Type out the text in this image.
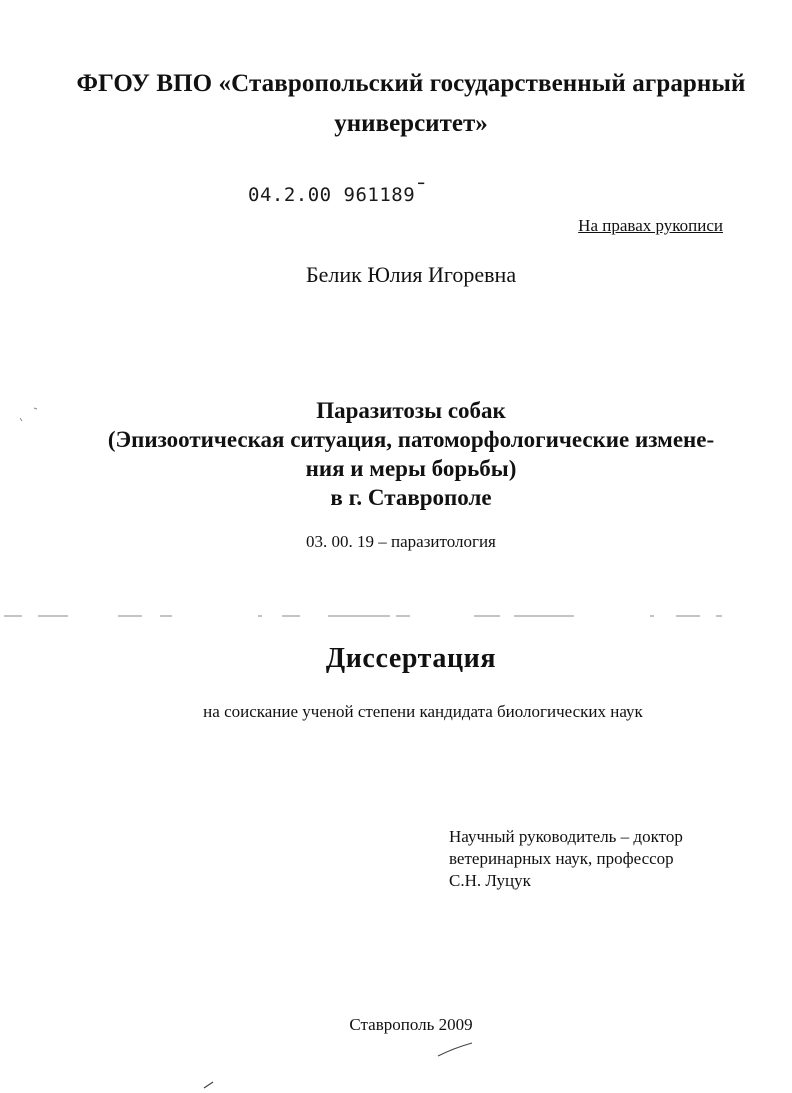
ФГОУ ВПО «Ставропольский государственный аграрный
университет»
04.2.00 961189 ▔
На правах рукописи
Белик Юлия Игоревна
Паразитозы собак
(Эпизоотическая ситуация, патоморфологические измене-
ния и меры борьбы)
в г. Ставрополе
03. 00. 19 – паразитология
Диссертация
на соискание ученой степени кандидата биологических наук
Научный руководитель – доктор
ветеринарных наук, профессор
С.Н. Луцук
Ставрополь 2009
